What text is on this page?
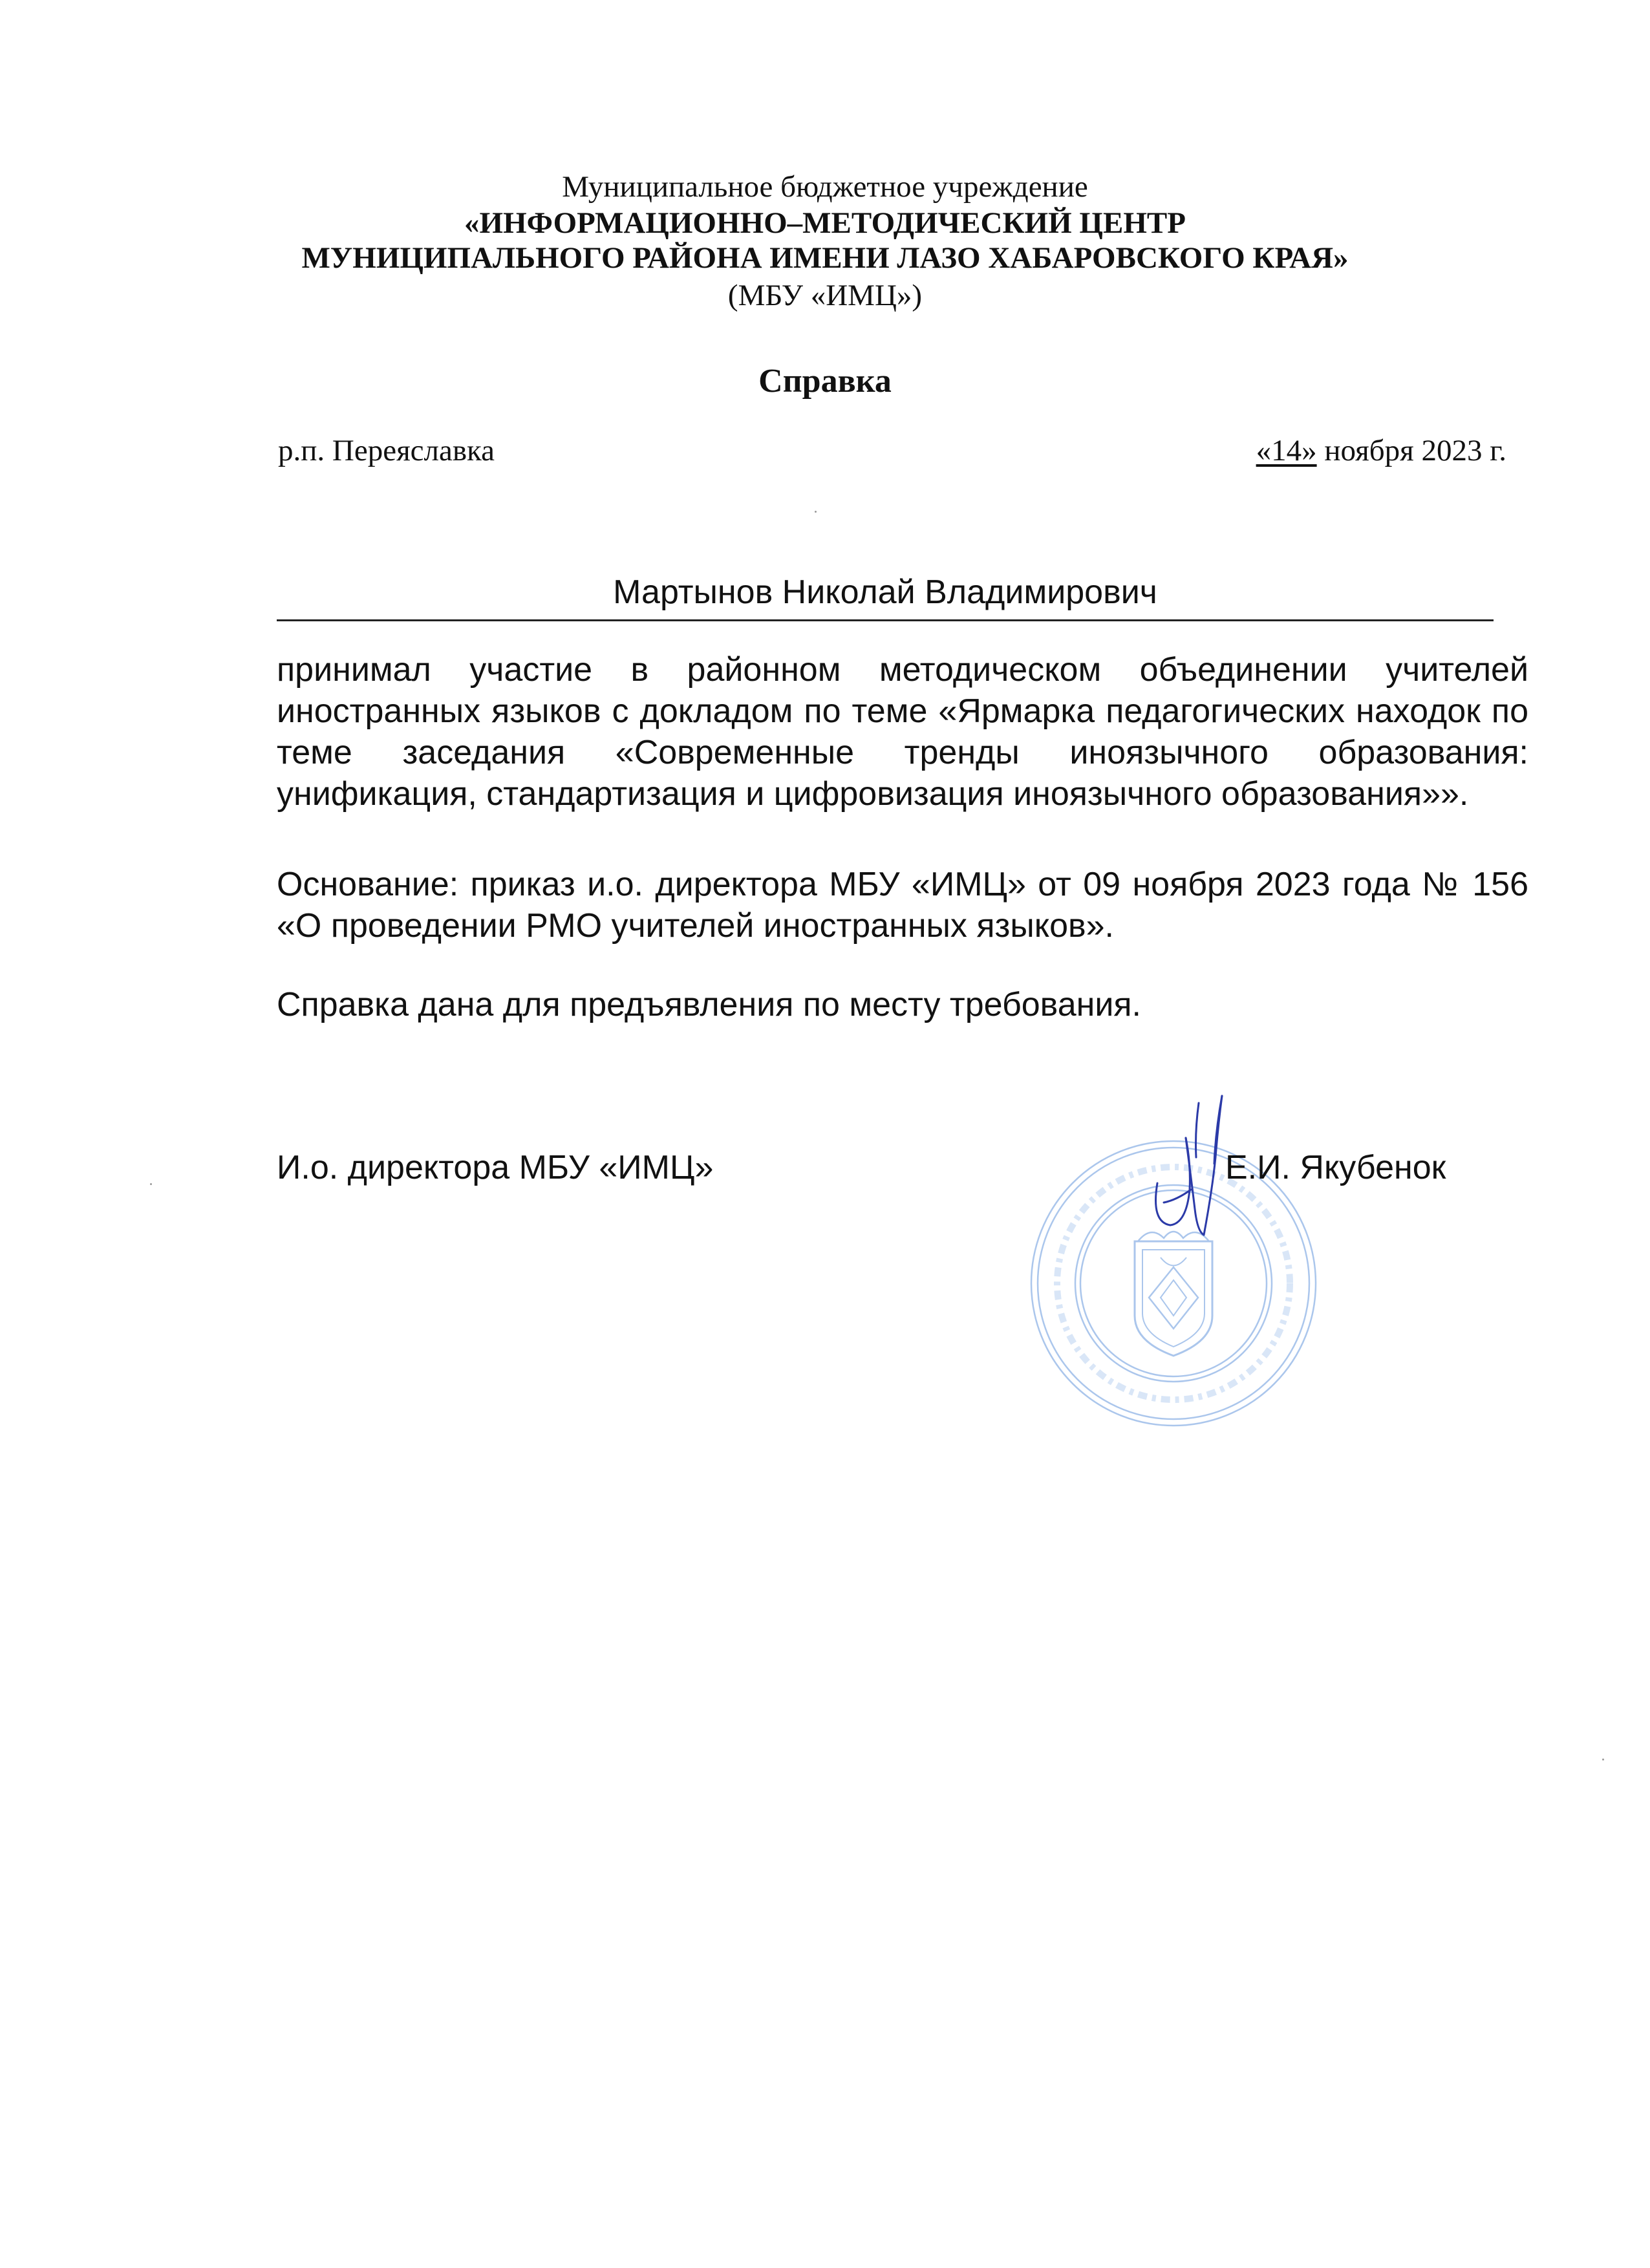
Муниципальное бюджетное учреждение
«ИНФОРМАЦИОННО–МЕТОДИЧЕСКИЙ ЦЕНТР
МУНИЦИПАЛЬНОГО РАЙОНА ИМЕНИ ЛАЗО ХАБАРОВСКОГО КРАЯ»
(МБУ «ИМЦ»)
Справка
р.п. Переяславка	«14» ноября 2023 г.
Мартынов Николай Владимирович
принимал участие в районном методическом объединении учителей иностранных языков с докладом по теме «Ярмарка педагогических находок по теме заседания «Современные тренды иноязычного образования: унификация, стандартизация и цифровизация иноязычного образования»».
Основание: приказ и.о. директора МБУ «ИМЦ» от 09 ноября 2023 года № 156 «О проведении РМО учителей иностранных языков».
Справка дана для предъявления по месту требования.
И.о. директора МБУ «ИМЦ»	Е.И. Якубенок
